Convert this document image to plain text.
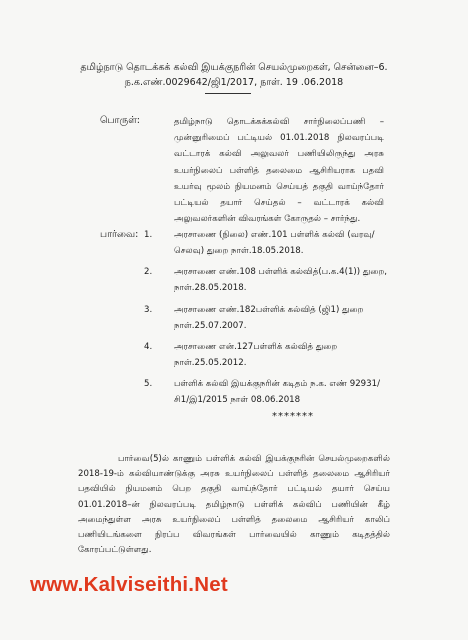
தமிழ்நாடு தொடக்கக் கல்வி இயக்குநரின் செயல்முறைகள், சென்னை–6.
ந.க.எண்.0029642/ஜி1/2017, நாள். 19 .06.2018
பொருள்:	தமிழ்நாடு தொடக்கக்கல்வி சார்நிலைப்பணி – முன்னுரிமைப் பட்டியல் 01.01.2018 நிலவரப்படி வட்டாரக் கல்வி அலுவலர் பணியிலிருந்து அரசு உயர்நிலைப் பள்ளித் தலைமை ஆசிரியராக பதவி உயர்வு மூலம் நியமனம் செய்யத் தகுதி வாய்ந்தோர் பட்டியல் தயார் செய்தல் – வட்டாரக் கல்வி அலுவலர்களின் விவரங்கள் கோருதல் – சார்ந்து.
பார்வை: 1.	அரசாணை (நிலை) எண்.101 பள்ளிக் கல்வி (வரவு/செலவு) துறை நாள்.18.05.2018.
2.	அரசாணை எண்.108 பள்ளிக் கல்வித்(ப.க.4(1)) துறை, நாள்.28.05.2018.
3.	அரசாணை எண்.182பள்ளிக் கல்வித் (ஜி1) துறை நாள்.25.07.2007.
4.	அரசாணை என்.127பள்ளிக் கல்வித் துறை நாள்.25.05.2012.
5.	பள்ளிக் கல்வி இயக்குநரின் கடிதம் ந.க. எண் 92931/சி1/இ1/2015 நாள் 08.06.2018
*******
பார்வை(5)ல் காணும் பள்ளிக் கல்வி இயக்குநரின் செயல்முறைகளில் 2018-19-ம் கல்வியாண்டுக்கு அரசு உயர்நிலைப் பள்ளித் தலைமை ஆசிரியர் பதவியில் நியமனம் பெற தகுதி வாய்ந்தோர் பட்டியல் தயார் செய்ய 01.01.2018–ன் நிலவரப்படி தமிழ்நாடு பள்ளிக் கல்விப் பணியின் கீழ் அமைந்துள்ள அரசு உயர்நிலைப் பள்ளித் தலைமை ஆசிரியர் காலிப் பணியிடங்களை நிரப்ப விவரங்கள் பார்வையில் காணும் கடிதத்தில் கோரப்பட்டுள்ளது.
www.Kalviseithi.Net
